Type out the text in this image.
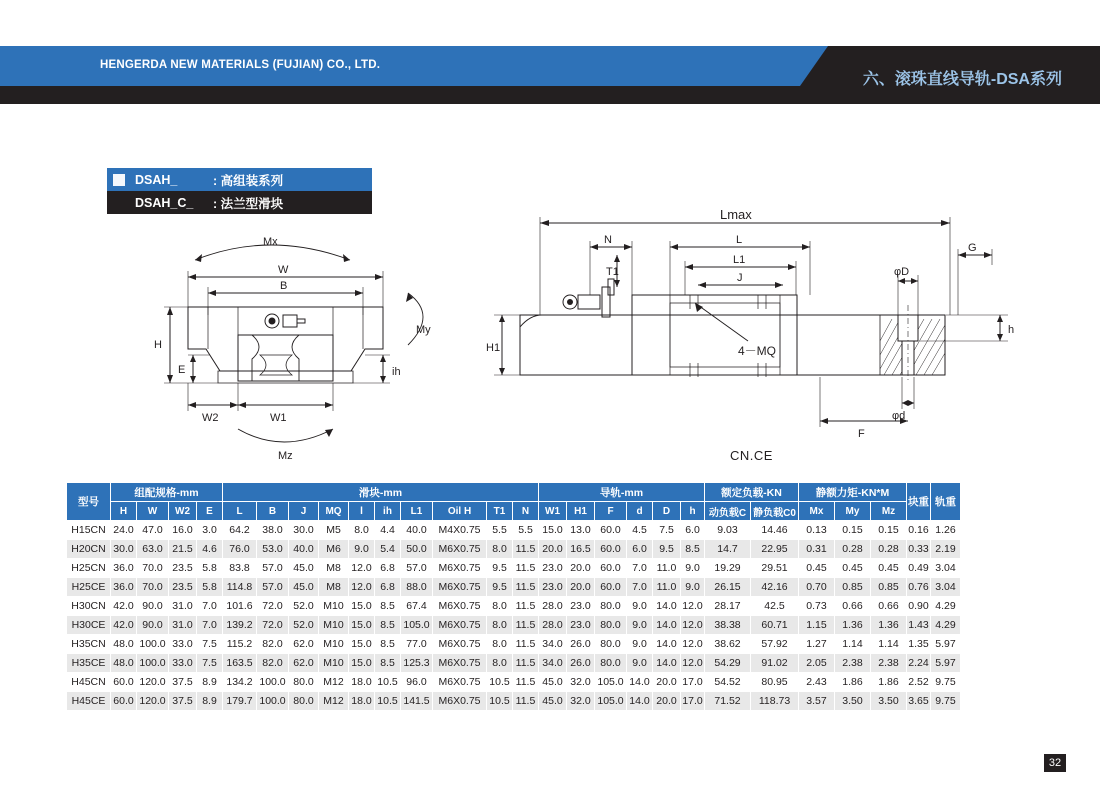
HENGERDA NEW MATERIALS (FUJIAN) CO., LTD.
六、滚珠直线导轨-DSA系列
DSAH_	: 高组装系列
DSAH_C_	: 法兰型滑块
Mx
W
B
H
E
W2	W1
Mz
My
ih
Lmax
N	L
L1
J
T1
H1	4－MQ
G
φD
h
φd
F
CN.CE
型号	组配规格-mm				滑块-mm										导轨-mm						额定负载-KN		静额力矩-KN*M			块重	轨重
	H	W	W2	E	L	B	J	MQ	l	ih	L1	Oil H	T1	N	W1	H1	F	d	D	h	动负载C	静负载C0	Mx	My	Mz		
H15CN	24.0	47.0	16.0	3.0	64.2	38.0	30.0	M5	8.0	4.4	40.0	M4X0.75	5.5	5.5	15.0	13.0	60.0	4.5	7.5	6.0	9.03	14.46	0.13	0.15	0.15	0.16	1.26
H20CN	30.0	63.0	21.5	4.6	76.0	53.0	40.0	M6	9.0	5.4	50.0	M6X0.75	8.0	11.5	20.0	16.5	60.0	6.0	9.5	8.5	14.7	22.95	0.31	0.28	0.28	0.33	2.19
H25CN	36.0	70.0	23.5	5.8	83.8	57.0	45.0	M8	12.0	6.8	57.0	M6X0.75	9.5	11.5	23.0	20.0	60.0	7.0	11.0	9.0	19.29	29.51	0.45	0.45	0.45	0.49	3.04
H25CE	36.0	70.0	23.5	5.8	114.8	57.0	45.0	M8	12.0	6.8	88.0	M6X0.75	9.5	11.5	23.0	20.0	60.0	7.0	11.0	9.0	26.15	42.16	0.70	0.85	0.85	0.76	3.04
H30CN	42.0	90.0	31.0	7.0	101.6	72.0	52.0	M10	15.0	8.5	67.4	M6X0.75	8.0	11.5	28.0	23.0	80.0	9.0	14.0	12.0	28.17	42.5	0.73	0.66	0.66	0.90	4.29
H30CE	42.0	90.0	31.0	7.0	139.2	72.0	52.0	M10	15.0	8.5	105.0	M6X0.75	8.0	11.5	28.0	23.0	80.0	9.0	14.0	12.0	38.38	60.71	1.15	1.36	1.36	1.43	4.29
H35CN	48.0	100.0	33.0	7.5	115.2	82.0	62.0	M10	15.0	8.5	77.0	M6X0.75	8.0	11.5	34.0	26.0	80.0	9.0	14.0	12.0	38.62	57.92	1.27	1.14	1.14	1.35	5.97
H35CE	48.0	100.0	33.0	7.5	163.5	82.0	62.0	M10	15.0	8.5	125.3	M6X0.75	8.0	11.5	34.0	26.0	80.0	9.0	14.0	12.0	54.29	91.02	2.05	2.38	2.38	2.24	5.97
H45CN	60.0	120.0	37.5	8.9	134.2	100.0	80.0	M12	18.0	10.5	96.0	M6X0.75	10.5	11.5	45.0	32.0	105.0	14.0	20.0	17.0	54.52	80.95	2.43	1.86	1.86	2.52	9.75
H45CE	60.0	120.0	37.5	8.9	179.7	100.0	80.0	M12	18.0	10.5	141.5	M6X0.75	10.5	11.5	45.0	32.0	105.0	14.0	20.0	17.0	71.52	118.73	3.57	3.50	3.50	3.65	9.75
32
